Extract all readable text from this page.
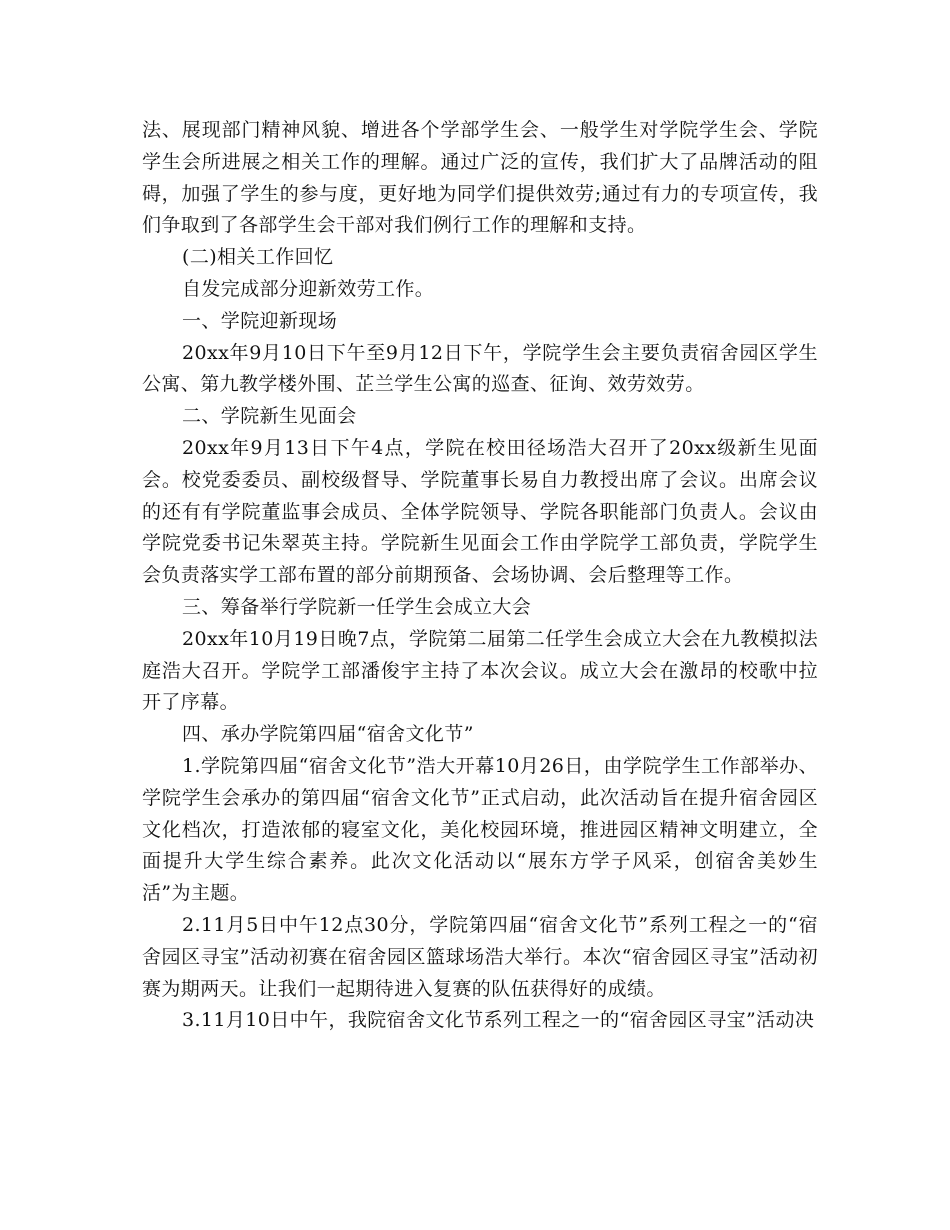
法、展现部门精神风貌、增进各个学部学生会、一般学生对学院学生会、学院学生会所进展之相关工作的理解。通过广泛的宣传，我们扩大了品牌活动的阻碍，加强了学生的参与度，更好地为同学们提供效劳;通过有力的专项宣传，我们争取到了各部学生会干部对我们例行工作的理解和支持。

(二)相关工作回忆

自发完成部分迎新效劳工作。

一、学院迎新现场

20xx年9月10日下午至9月12日下午，学院学生会主要负责宿舍园区学生公寓、第九教学楼外围、芷兰学生公寓的巡查、征询、效劳效劳。

二、学院新生见面会

20xx年9月13日下午4点，学院在校田径场浩大召开了20xx级新生见面会。校党委委员、副校级督导、学院董事长易自力教授出席了会议。出席会议的还有有学院董监事会成员、全体学院领导、学院各职能部门负责人。会议由学院党委书记朱翠英主持。学院新生见面会工作由学院学工部负责，学院学生会负责落实学工部布置的部分前期预备、会场协调、会后整理等工作。

三、筹备举行学院新一任学生会成立大会

20xx年10月19日晚7点，学院第二届第二任学生会成立大会在九教模拟法庭浩大召开。学院学工部潘俊宇主持了本次会议。成立大会在激昂的校歌中拉开了序幕。

四、承办学院第四届“宿舍文化节”

1.学院第四届“宿舍文化节”浩大开幕10月26日，由学院学生工作部举办、学院学生会承办的第四届“宿舍文化节”正式启动，此次活动旨在提升宿舍园区文化档次，打造浓郁的寝室文化，美化校园环境，推进园区精神文明建立，全面提升大学生综合素养。此次文化活动以“展东方学子风采，创宿舍美妙生活”为主题。

2.11月5日中午12点30分，学院第四届“宿舍文化节”系列工程之一的“宿舍园区寻宝”活动初赛在宿舍园区篮球场浩大举行。本次“宿舍园区寻宝”活动初赛为期两天。让我们一起期待进入复赛的队伍获得好的成绩。

3.11月10日中午，我院宿舍文化节系列工程之一的“宿舍园区寻宝”活动决
